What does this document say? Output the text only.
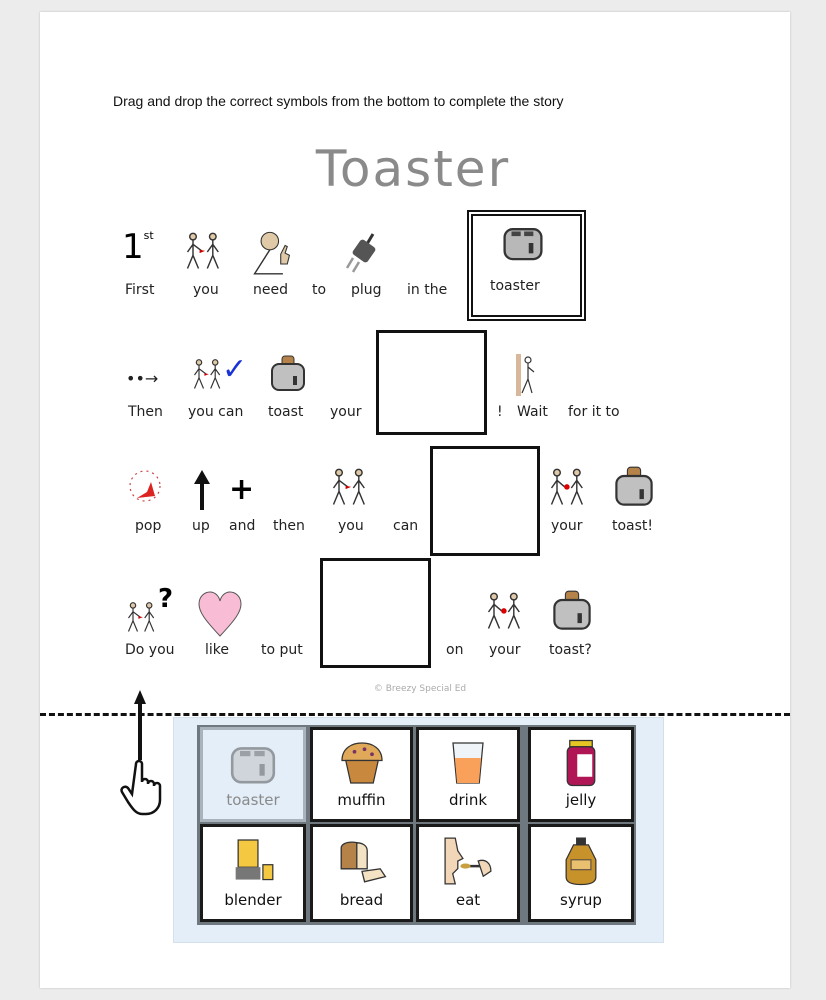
Drag and drop the correct symbols from the bottom to complete the story
Toaster
1st
First	you need to plug in the	toaster
••→
Then
✓
you can toast your	! Wait for it to
pop up
+
and then you can	your toast!
?
Do you like to put	on your toast?
© Breezy Special Ed
toaster	muffin	drink	jelly
blender	bread	eat	syrup
